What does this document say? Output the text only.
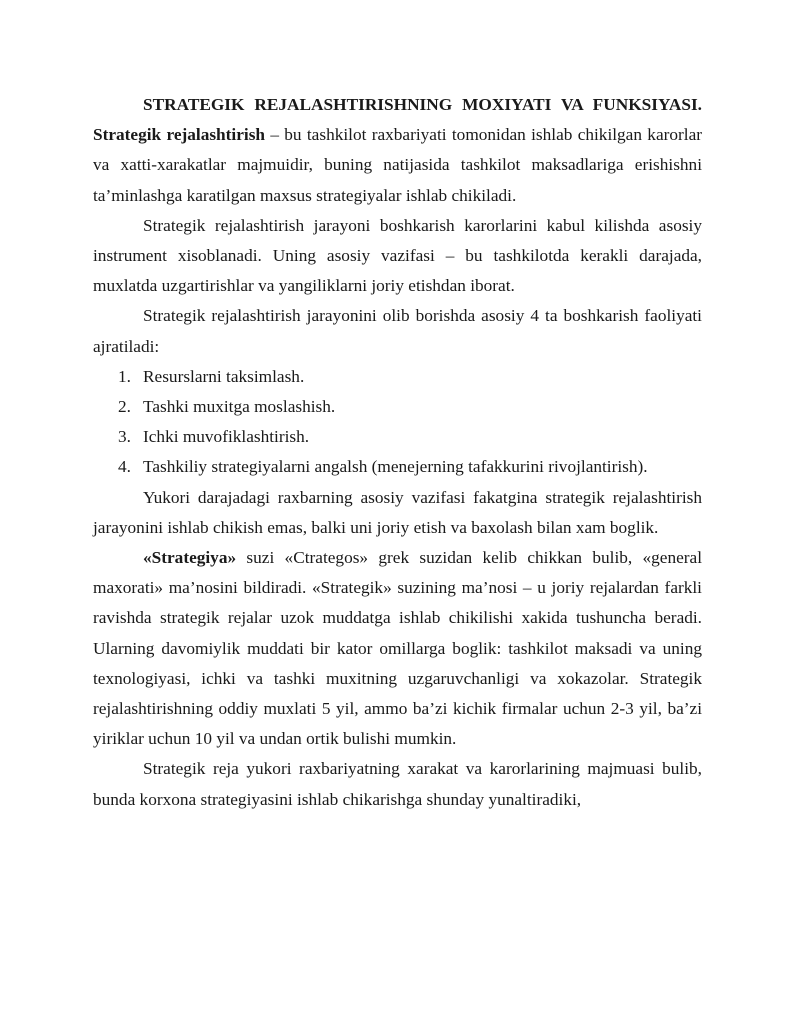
STRATEGIK REJALASHTIRISHNING MOXIYATI VA FUNKSIYASI. Strategik rejalashtirish – bu tashkilot raxbariyati tomonidan ishlab chikilgan karorlar va xatti-xarakatlar majmuidir, buning natijasida tashkilot maksadlariga erishishni ta’minlashga karatilgan maxsus strategiyalar ishlab chikiladi.

Strategik rejalashtirish jarayoni boshkarish karorlarini kabul kilishda asosiy instrument xisoblanadi. Uning asosiy vazifasi – bu tashkilotda kerakli darajada, muxlatda uzgartirishlar va yangiliklarni joriy etishdan iborat.

Strategik rejalashtirish jarayonini olib borishda asosiy 4 ta boshkarish faoliyati ajratiladi:

1. Resurslarni taksimlash.
2. Tashki muxitga moslashish.
3. Ichki muvofiklashtirish.
4. Tashkiliy strategiyalarni angalsh (menejerning tafakkurini rivojlantirish).

Yukori darajadagi raxbarning asosiy vazifasi fakatgina strategik rejalashtirish jarayonini ishlab chikish emas, balki uni joriy etish va baxolash bilan xam boglik.

«Strategiya» suzi «Ctrategos» grek suzidan kelib chikkan bulib, «general maxorati» ma’nosini bildiradi. «Strategik» suzining ma’nosi – u joriy rejalardan farkli ravishda strategik rejalar uzok muddatga ishlab chikilishi xakida tushuncha beradi. Ularning davomiylik muddati bir kator omillarga boglik: tashkilot maksadi va uning texnologiyasi, ichki va tashki muxitning uzgaruvchanligi va xokazolar. Strategik rejalashtirishning oddiy muxlati 5 yil, ammo ba’zi kichik firmalar uchun 2-3 yil, ba’zi yiriklar uchun 10 yil va undan ortik bulishi mumkin.

Strategik reja yukori raxbariyatning xarakat va karorlarining majmuasi bulib, bunda korxona strategiyasini ishlab chikarishga shunday yunaltiradiki,
